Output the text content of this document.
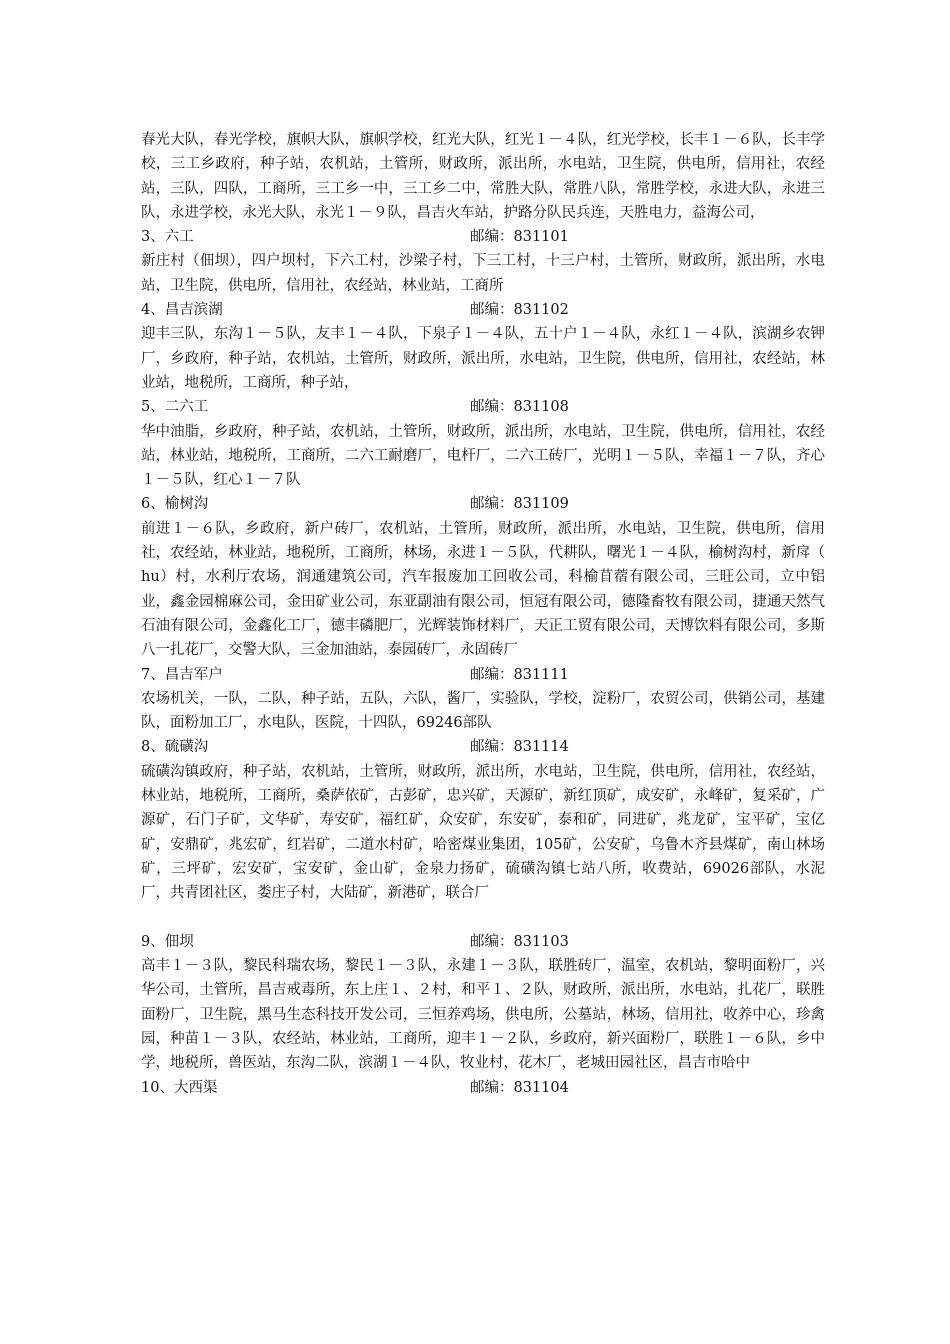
春光大队，春光学校，旗帜大队，旗帜学校，红光大队，红光１－４队，红光学校，长丰１－６队，长丰学校，三工乡政府，种子站，农机站，土管所，财政所，派出所，水电站，卫生院，供电所，信用社，农经站，三队，四队，工商所，三工乡一中，三工乡二中，常胜大队，常胜八队，常胜学校，永进大队，永进三队，永进学校，永光大队，永光１－９队，昌吉火车站，护路分队民兵连，天胜电力，益海公司，

3、六工	邮编：831101

新庄村（佃坝），四户坝村，下六工村，沙梁子村，下三工村，十三户村，土管所，财政所，派出所，水电站，卫生院，供电所，信用社，农经站，林业站，工商所

4、昌吉滨湖	邮编：831102

迎丰三队，东沟１－５队，友丰１－４队，下泉子１－４队，五十户１－４队，永红１－４队，滨湖乡农钾厂，乡政府，种子站，农机站，土管所，财政所，派出所，水电站，卫生院，供电所，信用社，农经站，林业站，地税所，工商所，种子站，

5、二六工	邮编：831108

华中油脂，乡政府，种子站，农机站，土管所，财政所，派出所，水电站，卫生院，供电所，信用社，农经站，林业站，地税所，工商所，二六工耐磨厂，电杆厂，二六工砖厂，光明１－５队，幸福１－７队，齐心１－５队，红心１－７队

6、榆树沟	邮编：831109

前进１－６队，乡政府，新户砖厂，农机站，土管所，财政所，派出所，水电站，卫生院，供电所，信用社，农经站，林业站，地税所，工商所，林场，永进１－５队，代耕队，曙光１－４队，榆树沟村，新戽（ hu）村，水利厅农场，润通建筑公司，汽车报废加工回收公司，科榆苜蓿有限公司，三旺公司，立中铝业，鑫金园棉麻公司，金田矿业公司，东亚副油有限公司，恒冠有限公司，德隆畜牧有限公司，捷通天然气石油有限公司，金鑫化工厂，德丰磷肥厂，光辉装饰材料厂，天正工贸有限公司，天博饮料有限公司，多斯八一扎花厂，交警大队，三金加油站，泰园砖厂，永固砖厂

7、昌吉军户	邮编：831111

农场机关，一队，二队，种子站，五队，六队，酱厂，实验队，学校，淀粉厂，农贸公司，供销公司，基建队，面粉加工厂，水电队，医院，十四队，69246部队

8、硫磺沟	邮编：831114

硫磺沟镇政府，种子站，农机站，土管所，财政所，派出所，水电站，卫生院，供电所，信用社，农经站，林业站，地税所，工商所，桑萨依矿，古彭矿，忠兴矿，天源矿，新红顶矿，成安矿，永峰矿，复采矿，广源矿，石门子矿，文华矿，寿安矿，福红矿，众安矿，东安矿，泰和矿，同进矿，兆龙矿，宝平矿，宝亿矿，安鼎矿，兆宏矿，红岩矿，二道水村矿，哈密煤业集团，105矿，公安矿，乌鲁木齐县煤矿，南山林场矿，三坪矿，宏安矿，宝安矿，金山矿，金泉力扬矿，硫磺沟镇七站八所，收费站，69026部队，水泥厂，共青团社区，娄庄子村，大陆矿，新港矿，联合厂

9、佃坝	邮编：831103

高丰１－３队，黎民科瑞农场，黎民１－３队，永建１－３队，联胜砖厂，温室，农机站，黎明面粉厂，兴华公司，土管所，昌吉戒毒所，东上庄１、２村，和平１、２队，财政所，派出所，水电站，扎花厂，联胜面粉厂，卫生院，黑马生态科技开发公司，三恒养鸡场，供电所，公墓站，林场，信用社，收养中心，珍禽园，种苗１－３队，农经站，林业站，工商所，迎丰１－２队，乡政府，新兴面粉厂，联胜１－６队，乡中学，地税所，兽医站，东沟二队，滨湖１－４队，牧业村，花木厂，老城田园社区，昌吉市哈中

10、大西渠	邮编：831104
